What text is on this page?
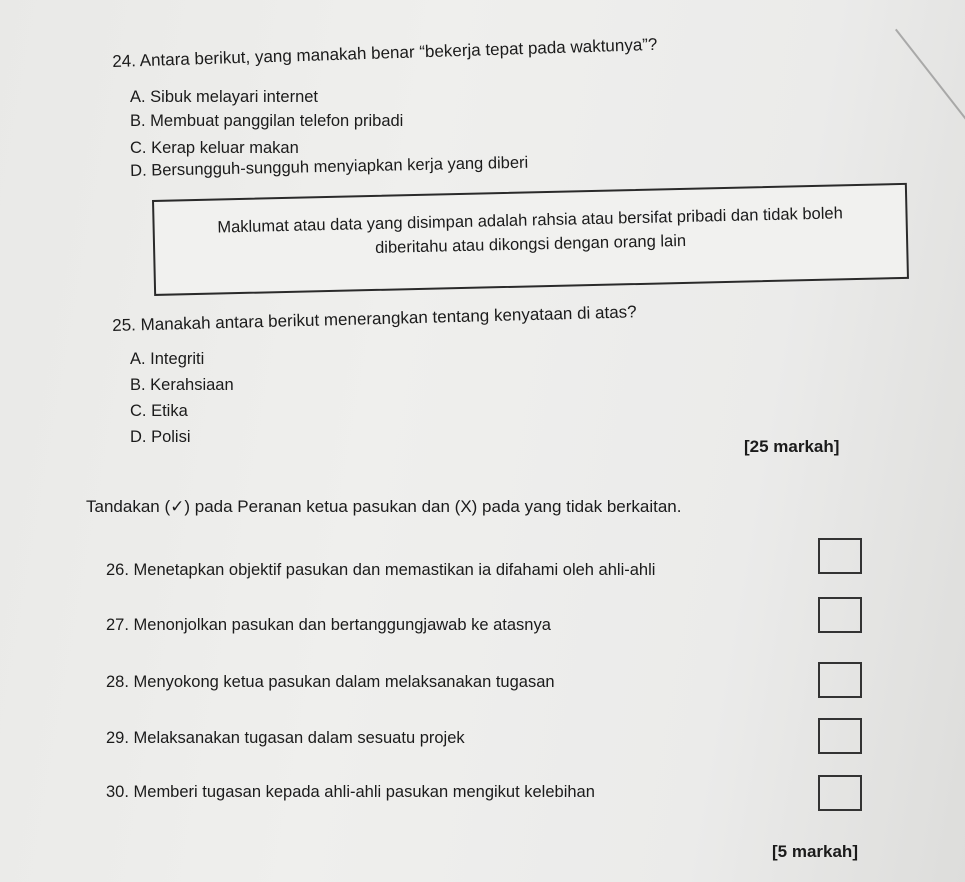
24. Antara berikut, yang manakah benar “bekerja tepat pada waktunya”?
A. Sibuk melayari internet
B. Membuat panggilan telefon pribadi
C. Kerap keluar makan
D. Bersungguh-sungguh menyiapkan kerja yang diberi
Maklumat atau data yang disimpan adalah rahsia atau bersifat pribadi dan tidak boleh
diberitahu atau dikongsi dengan orang lain
25. Manakah antara berikut menerangkan tentang kenyataan di atas?
A. Integriti
B. Kerahsiaan
C. Etika
D. Polisi	[25 markah]
Tandakan (✓) pada Peranan ketua pasukan dan (X) pada yang tidak berkaitan.
26. Menetapkan objektif pasukan dan memastikan ia difahami oleh ahli-ahli
27. Menonjolkan pasukan dan bertanggungjawab ke atasnya
28. Menyokong ketua pasukan dalam melaksanakan tugasan
29. Melaksanakan tugasan dalam sesuatu projek
30. Memberi tugasan kepada ahli-ahli pasukan mengikut kelebihan
[5 markah]
